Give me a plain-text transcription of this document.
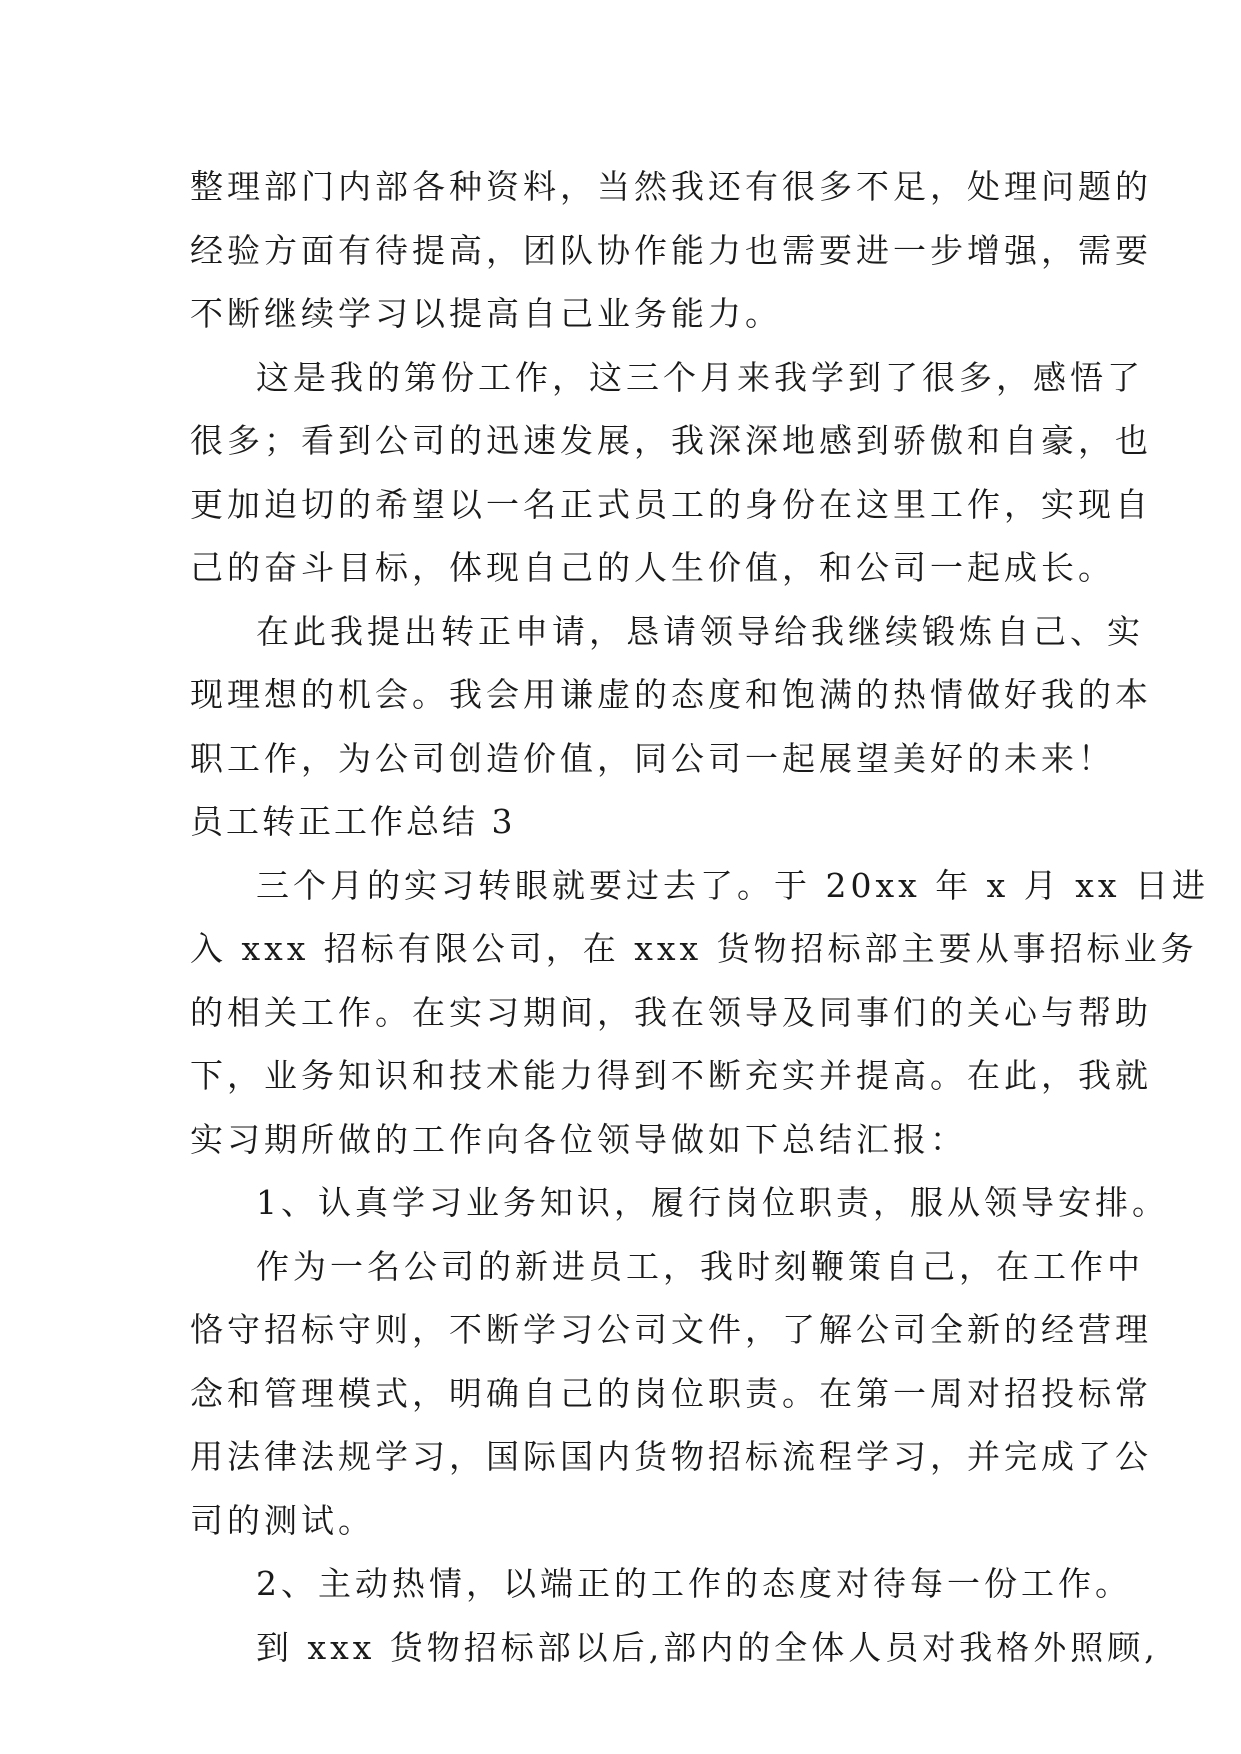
整理部门内部各种资料，当然我还有很多不足，处理问题的
经验方面有待提高，团队协作能力也需要进一步增强，需要
不断继续学习以提高自己业务能力。
这是我的第份工作，这三个月来我学到了很多，感悟了
很多；看到公司的迅速发展，我深深地感到骄傲和自豪，也
更加迫切的希望以一名正式员工的身份在这里工作，实现自
己的奋斗目标，体现自己的人生价值，和公司一起成长。
在此我提出转正申请，恳请领导给我继续锻炼自己、实
现理想的机会。我会用谦虚的态度和饱满的热情做好我的本
职工作，为公司创造价值，同公司一起展望美好的未来！
员工转正工作总结 3
三个月的实习转眼就要过去了。于 20xx 年 x 月 xx 日进
入 xxx 招标有限公司，在 xxx 货物招标部主要从事招标业务
的相关工作。在实习期间，我在领导及同事们的关心与帮助
下，业务知识和技术能力得到不断充实并提高。在此，我就
实习期所做的工作向各位领导做如下总结汇报：
1、认真学习业务知识，履行岗位职责，服从领导安排。
作为一名公司的新进员工，我时刻鞭策自己，在工作中
恪守招标守则，不断学习公司文件，了解公司全新的经营理
念和管理模式，明确自己的岗位职责。在第一周对招投标常
用法律法规学习，国际国内货物招标流程学习，并完成了公
司的测试。
2、主动热情，以端正的工作的态度对待每一份工作。
到 xxx 货物招标部以后,部内的全体人员对我格外照顾,
